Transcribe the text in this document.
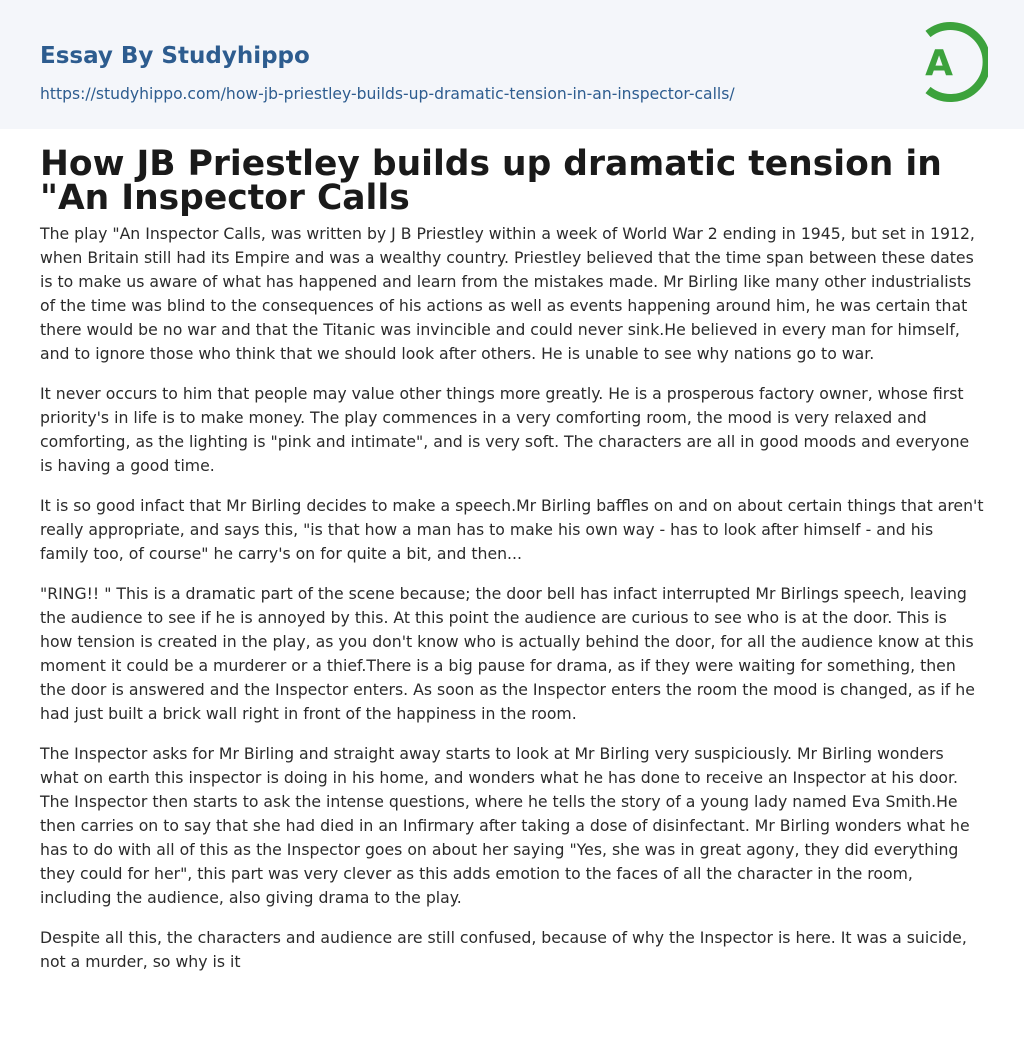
Essay By Studyhippo

https://studyhippo.com/how-jb-priestley-builds-up-dramatic-tension-in-an-inspector-calls/
A
How JB Priestley builds up dramatic tension in "An Inspector Calls

The play "An Inspector Calls, was written by J B Priestley within a week of World War 2 ending in 1945, but set in 1912, when Britain still had its Empire and was a wealthy country. Priestley believed that the time span between these dates is to make us aware of what has happened and learn from the mistakes made. Mr Birling like many other industrialists of the time was blind to the consequences of his actions as well as events happening around him, he was certain that there would be no war and that the Titanic was invincible and could never sink.He believed in every man for himself, and to ignore those who think that we should look after others. He is unable to see why nations go to war.

It never occurs to him that people may value other things more greatly. He is a prosperous factory owner, whose first priority's in life is to make money. The play commences in a very comforting room, the mood is very relaxed and comforting, as the lighting is "pink and intimate", and is very soft. The characters are all in good moods and everyone is having a good time.

It is so good infact that Mr Birling decides to make a speech.Mr Birling baffles on and on about certain things that aren't really appropriate, and says this, "is that how a man has to make his own way - has to look after himself - and his family too, of course" he carry's on for quite a bit, and then...

"RING!! " This is a dramatic part of the scene because; the door bell has infact interrupted Mr Birlings speech, leaving the audience to see if he is annoyed by this. At this point the audience are curious to see who is at the door. This is how tension is created in the play, as you don't know who is actually behind the door, for all the audience know at this moment it could be a murderer or a thief.There is a big pause for drama, as if they were waiting for something, then the door is answered and the Inspector enters. As soon as the Inspector enters the room the mood is changed, as if he had just built a brick wall right in front of the happiness in the room.

The Inspector asks for Mr Birling and straight away starts to look at Mr Birling very suspiciously. Mr Birling wonders what on earth this inspector is doing in his home, and wonders what he has done to receive an Inspector at his door. The Inspector then starts to ask the intense questions, where he tells the story of a young lady named Eva Smith.He then carries on to say that she had died in an Infirmary after taking a dose of disinfectant. Mr Birling wonders what he has to do with all of this as the Inspector goes on about her saying "Yes, she was in great agony, they did everything they could for her", this part was very clever as this adds emotion to the faces of all the character in the room, including the audience, also giving drama to the play.

Despite all this, the characters and audience are still confused, because of why the Inspector is here. It was a suicide, not a murder, so why is it
